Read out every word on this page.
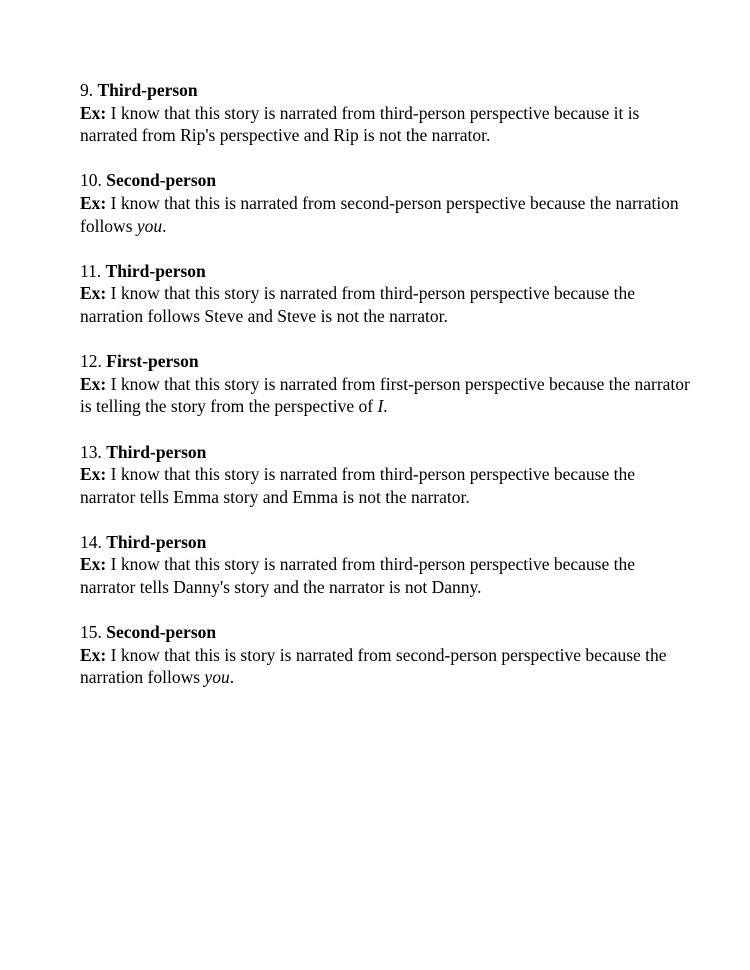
9. Third-person

Ex: I know that this story is narrated from third-person perspective because it is narrated from Rip's perspective and Rip is not the narrator.

10. Second-person

Ex: I know that this is narrated from second-person perspective because the narration follows you.

11. Third-person

Ex: I know that this story is narrated from third-person perspective because the narration follows Steve and Steve is not the narrator.

12. First-person

Ex: I know that this story is narrated from first-person perspective because the narrator is telling the story from the perspective of I.

13. Third-person

Ex: I know that this story is narrated from third-person perspective because the narrator tells Emma story and Emma is not the narrator.

14. Third-person

Ex: I know that this story is narrated from third-person perspective because the narrator tells Danny's story and the narrator is not Danny.

15. Second-person

Ex: I know that this is story is narrated from second-person perspective because the narration follows you.
